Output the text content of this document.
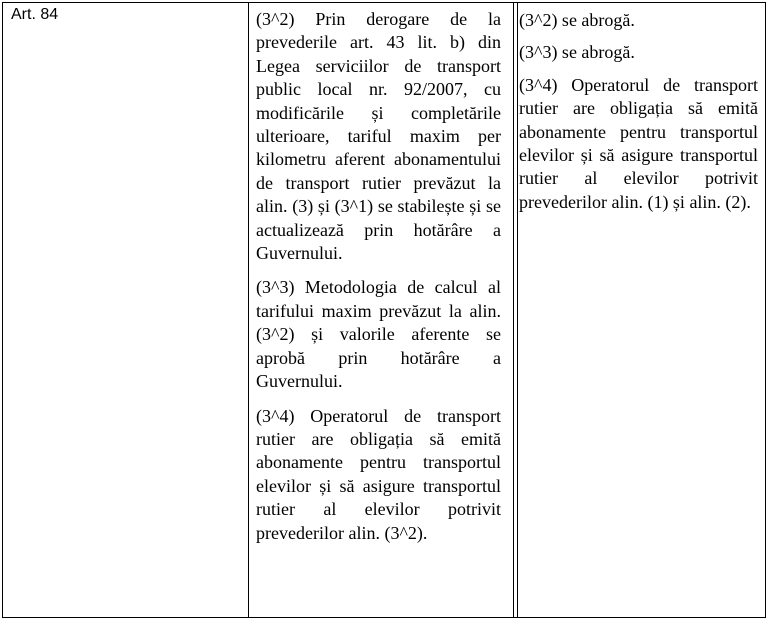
Art. 84	(3^2) Prin derogare de la prevederile art. 43 lit. b) din Legea serviciilor de transport public local nr. 92/2007, cu modificările și completările ulterioare, tariful maxim per kilometru aferent abonamentului de transport rutier prevăzut la alin. (3) și (3^1) se stabilește și se actualizează prin hotărâre a Guvernului.

(3^3) Metodologia de calcul al tarifului maxim prevăzut la alin. (3^2) și valorile aferente se aprobă prin hotărâre a Guvernului.

(3^4) Operatorul de transport rutier are obligația să emită abonamente pentru transportul elevilor și să asigure transportul rutier al elevilor potrivit prevederilor alin. (3^2).

(3^2) se abrogă.

(3^3) se abrogă.

(3^4) Operatorul de transport rutier are obligația să emită abonamente pentru transportul elevilor și să asigure transportul rutier al elevilor potrivit prevederilor alin. (1) și alin. (2).
